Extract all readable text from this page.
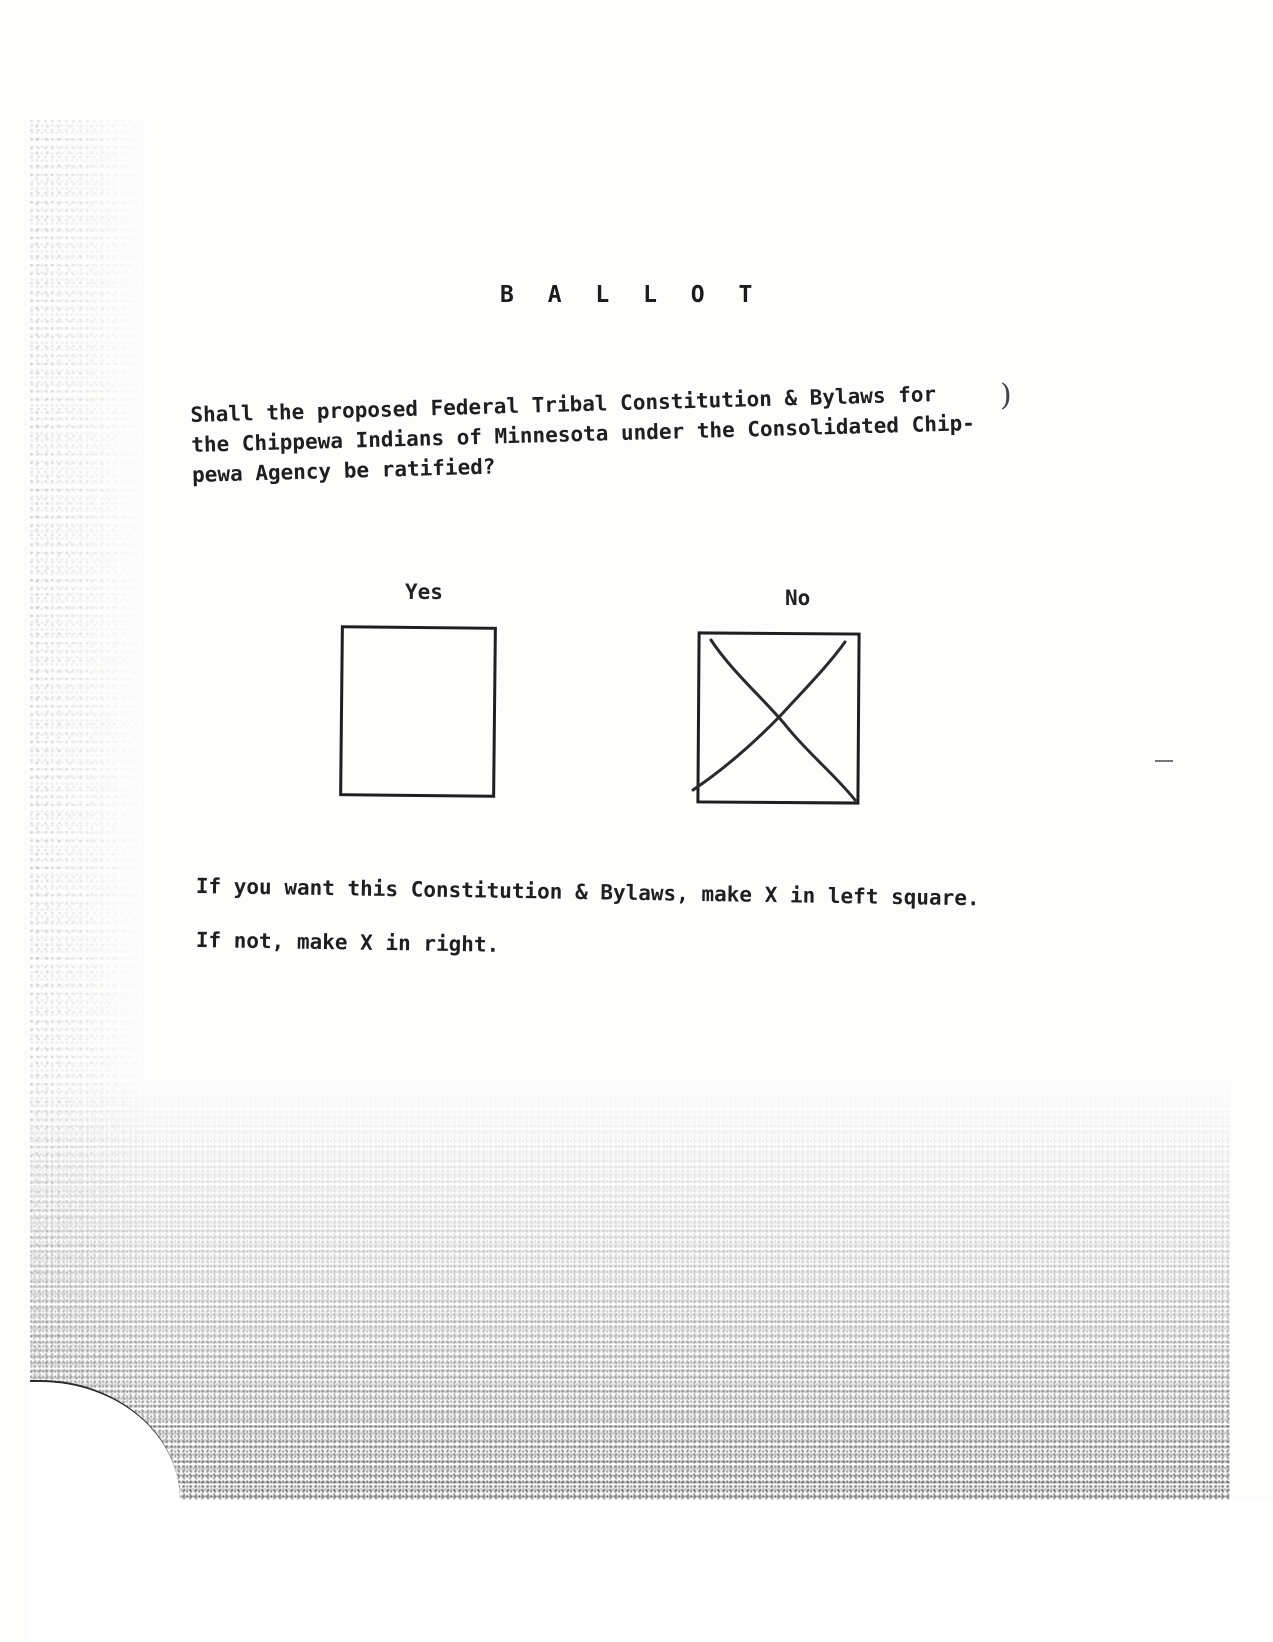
B A L L O T
Shall the proposed Federal Tribal Constitution & Bylaws for
the Chippewa Indians of Minnesota under the Consolidated Chip-
pewa Agency be ratified?
)
Yes	No
If you want this Constitution & Bylaws, make X in left square.
If not, make X in right.
